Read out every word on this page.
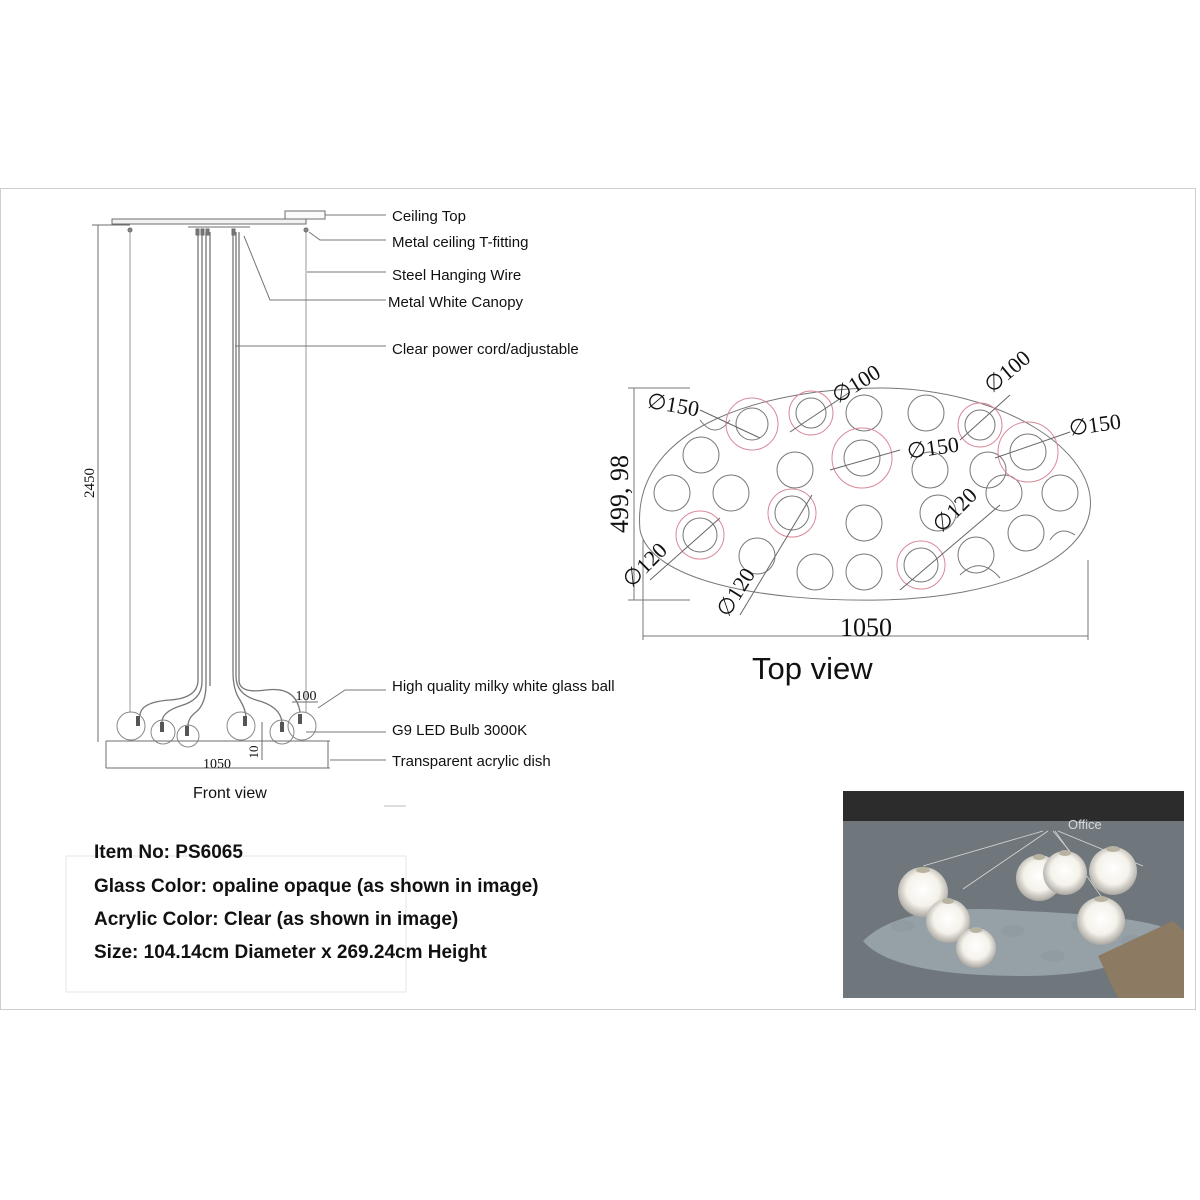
2450
1050
100
10
499, 98
1050
∅150	∅100
∅150
∅100
∅150
∅120 ∅120
∅120
Ceiling Top
Metal ceiling T-fitting
Steel Hanging Wire
Metal White Canopy
Clear power cord/adjustable
High quality milky white glass ball
G9 LED Bulb 3000K
Transparent acrylic dish
Front view
Top view
Item No: PS6065
Glass Color: opaline opaque (as shown in image)
Acrylic Color: Clear (as shown in image)
Size: 104.14cm Diameter x 269.24cm Height
Office
